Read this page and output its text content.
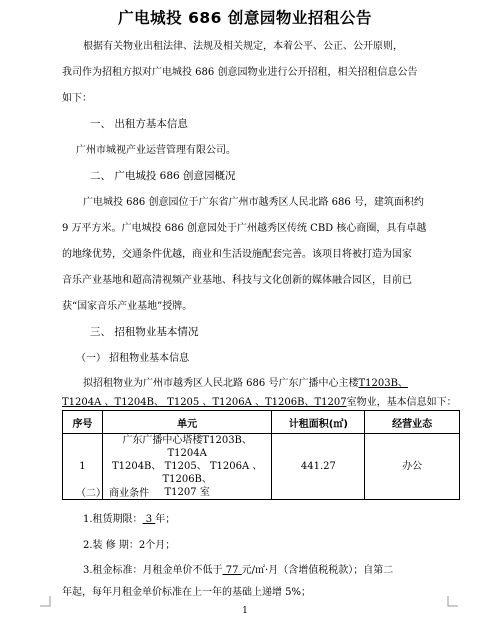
广电城投 686 创意园物业招租公告
根据有关物业出租法律、法规及相关规定，本着公平、公正、公开原则，
我司作为招租方拟对广电城投 686 创意园物业进行公开招租，相关招租信息公告
如下：
一、 出租方基本信息
广州市城视产业运营管理有限公司。
二、 广电城投 686 创意园概况
广电城投 686 创意园位于广东省广州市越秀区人民北路 686 号，建筑面积约
9 万平方米。广电城投 686 创意园处于广州越秀区传统 CBD 核心商圈，具有卓越
的地缘优势，交通条件优越，商业和生活设施配套完善。该项目将被打造为国家
音乐产业基地和超高清视频产业基地、科技与文化创新的媒体融合园区，目前已
获“国家音乐产业基地”授牌。
三、 招租物业基本情况
（一） 招租物业基本信息
拟招租物业为广州市越秀区人民北路 686 号广东广播中心主楼T1203B、
T1204A 、T1204B、 T1205 、T1206A 、T1206B、T1207室物业，基本信息如下：
序号	单元	计租面积(㎡)	经营业态
1	广东广播中心塔楼T1203B、T1204A
T1204B、 T1205、 T1206A 、T1206B、
T1207 室	441.27	办公
（二） 商业条件
1.租赁期限： 3 年；
2.装 修 期：2个月；
3.租金标准：月租金单价不低于 77 元/㎡·月（含增值税税款）；自第二
年起，每年月租金单价标准在上一年的基础上递增 5%；
1
